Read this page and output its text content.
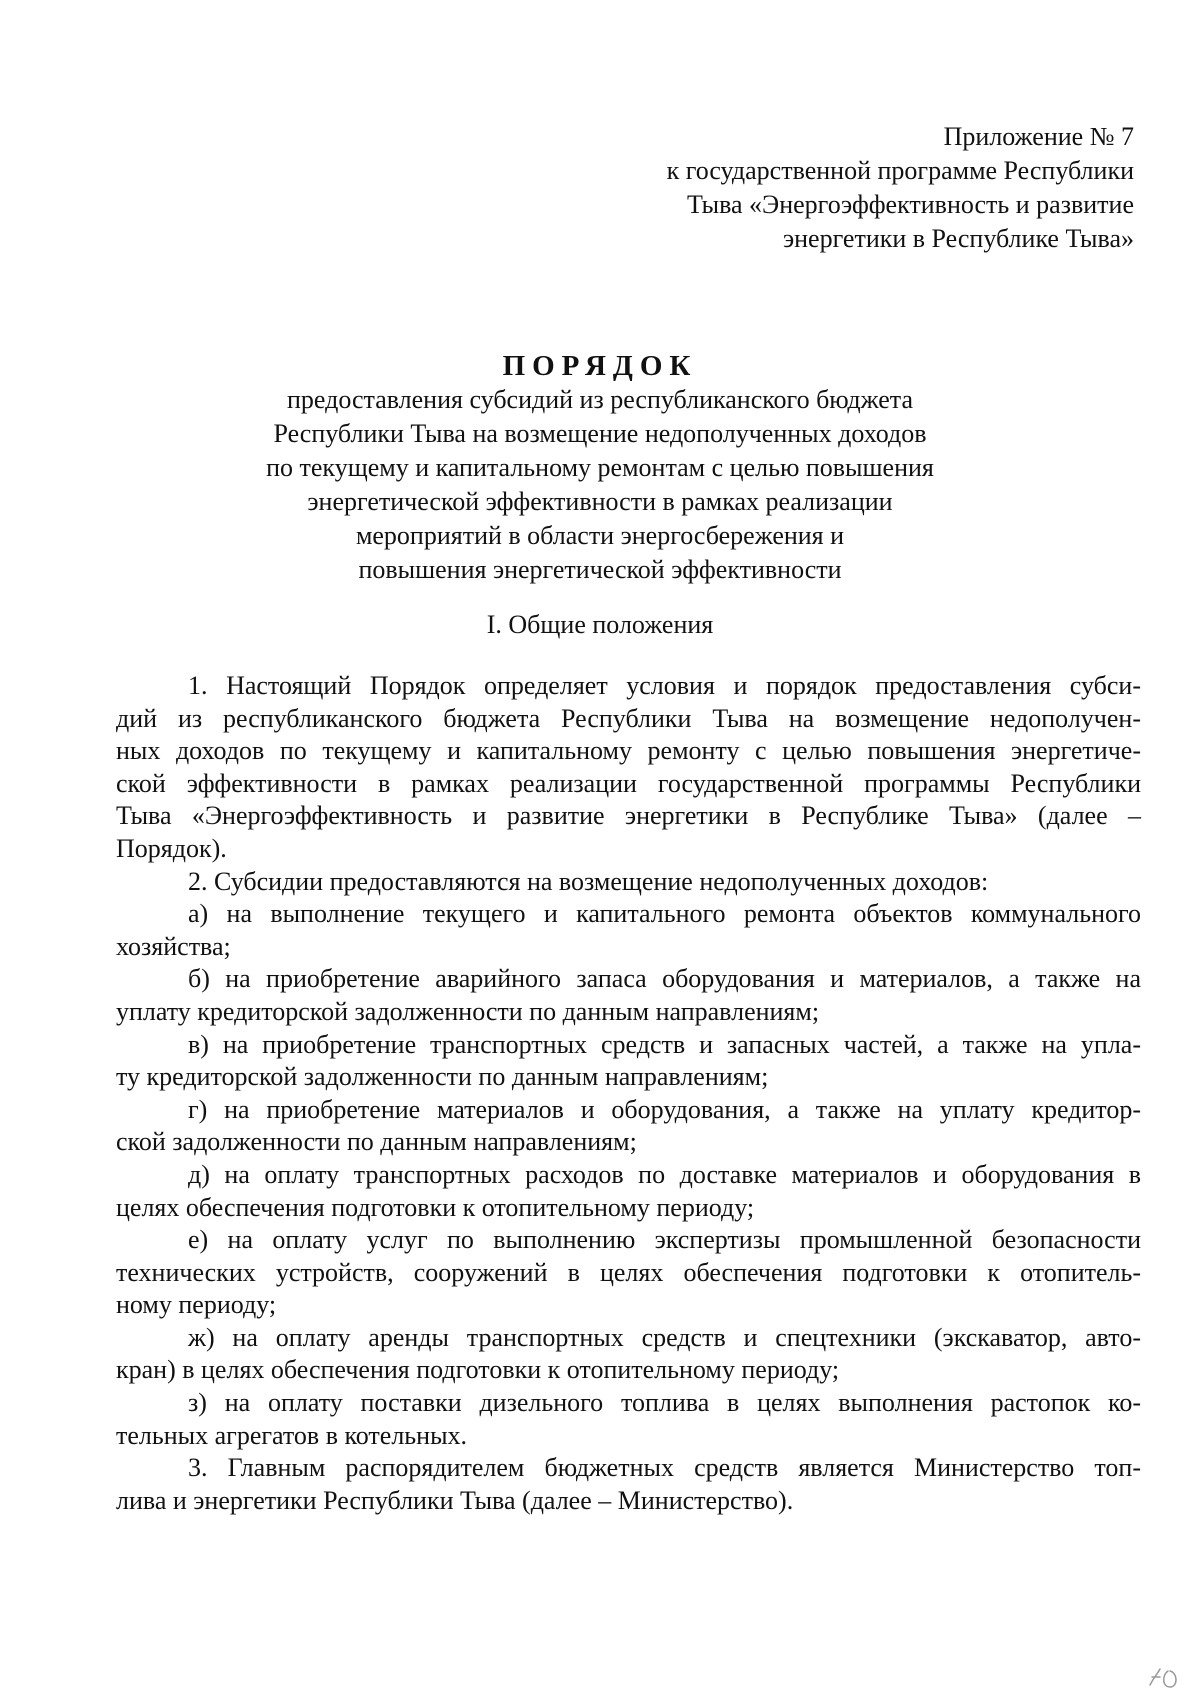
Приложение № 7
к государственной программе Республики
Тыва «Энергоэффективность и развитие
энергетики в Республике Тыва»
ПОРЯДОК
предоставления субсидий из республиканского бюджета
Республики Тыва на возмещение недополученных доходов
по текущему и капитальному ремонтам с целью повышения
энергетической эффективности в рамках реализации
мероприятий в области энергосбережения и
повышения энергетической эффективности
I. Общие положения
1. Настоящий Порядок определяет условия и порядок предоставления субси-
дий из республиканского бюджета Республики Тыва на возмещение недополучен-
ных доходов по текущему и капитальному ремонту с целью повышения энергетиче-
ской эффективности в рамках реализации государственной программы Республики
Тыва «Энергоэффективность и развитие энергетики в Республике Тыва» (далее –
Порядок).
2. Субсидии предоставляются на возмещение недополученных доходов:
а) на выполнение текущего и капитального ремонта объектов коммунального
хозяйства;
б) на приобретение аварийного запаса оборудования и материалов, а также на
уплату кредиторской задолженности по данным направлениям;
в) на приобретение транспортных средств и запасных частей, а также на упла-
ту кредиторской задолженности по данным направлениям;
г) на приобретение материалов и оборудования, а также на уплату кредитор-
ской задолженности по данным направлениям;
д) на оплату транспортных расходов по доставке материалов и оборудования в
целях обеспечения подготовки к отопительному периоду;
е) на оплату услуг по выполнению экспертизы промышленной безопасности
технических устройств, сооружений в целях обеспечения подготовки к отопитель-
ному периоду;
ж) на оплату аренды транспортных средств и спецтехники (экскаватор, авто-
кран) в целях обеспечения подготовки к отопительному периоду;
з) на оплату поставки дизельного топлива в целях выполнения растопок ко-
тельных агрегатов в котельных.
3. Главным распорядителем бюджетных средств является Министерство топ-
лива и энергетики Республики Тыва (далее – Министерство).
